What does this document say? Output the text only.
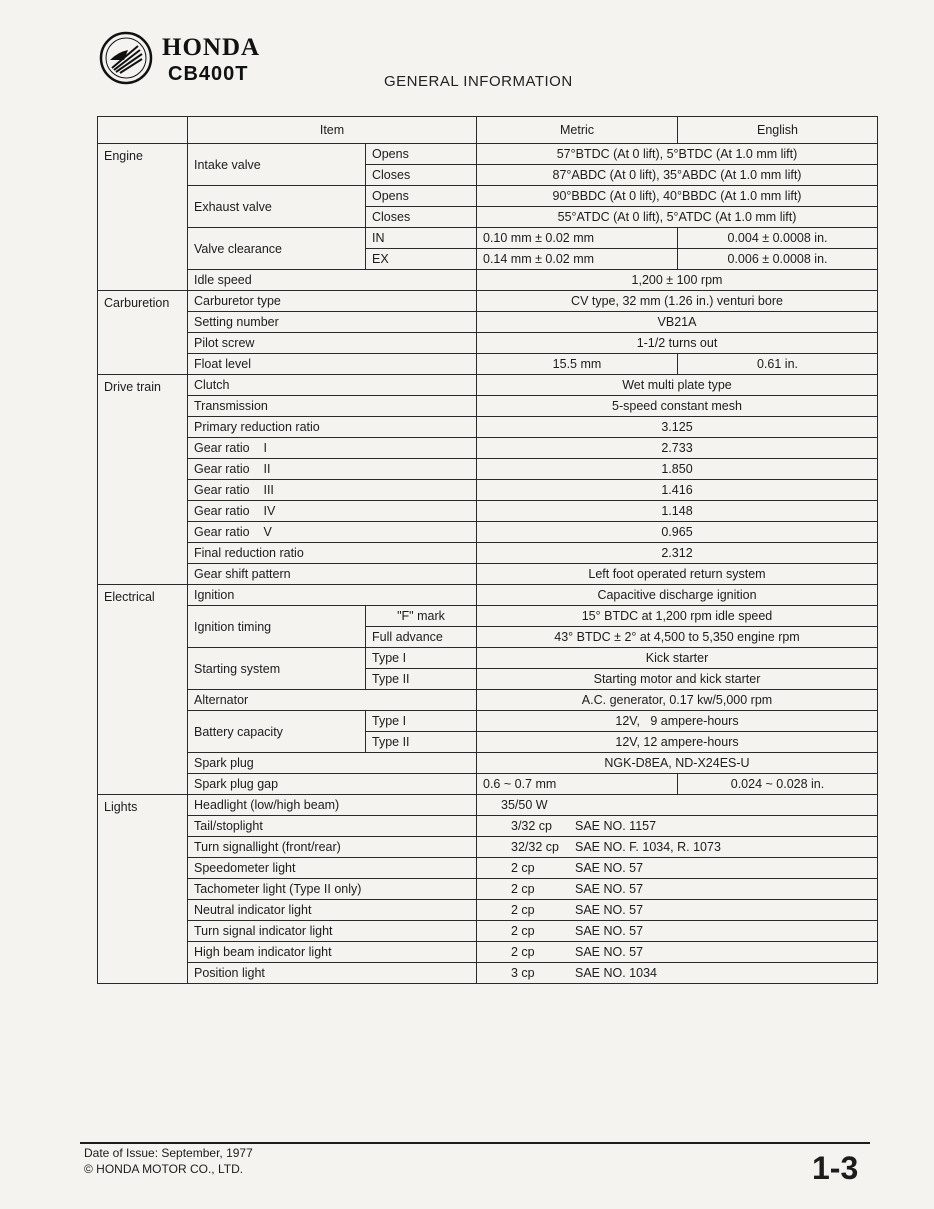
HONDA
CB400T	GENERAL INFORMATION
	Item		Metric	English
Engine	Intake valve	Opens	57°BTDC (At 0 lift), 5°BTDC (At 1.0 mm lift)	
		Closes	87°ABDC (At 0 lift), 35°ABDC (At 1.0 mm lift)	
	Exhaust valve	Opens	90°BBDC (At 0 lift), 40°BBDC (At 1.0 mm lift)	
		Closes	55°ATDC (At 0 lift), 5°ATDC (At 1.0 mm lift)	
	Valve clearance	IN	0.10 mm ± 0.02 mm	0.004 ± 0.0008 in.
		EX	0.14 mm ± 0.02 mm	0.006 ± 0.0008 in.
	Idle speed		1,200 ± 100 rpm	
Carburetion	Carburetor type		CV type, 32 mm (1.26 in.) venturi bore	
	Setting number		VB21A	
	Pilot screw		1-1/2 turns out	
	Float level		15.5 mm	0.61 in.
Drive train	Clutch		Wet multi plate type	
	Transmission		5-speed constant mesh	
	Primary reduction ratio		3.125	
	Gear ratio    I		2.733	
	Gear ratio    II		1.850	
	Gear ratio    III		1.416	
	Gear ratio    IV		1.148	
	Gear ratio    V		0.965	
	Final reduction ratio		2.312	
	Gear shift pattern		Left foot operated return system	
Electrical	Ignition		Capacitive discharge ignition	
	Ignition timing	"F" mark	15° BTDC at 1,200 rpm idle speed	
		Full advance	43° BTDC ± 2° at 4,500 to 5,350 engine rpm	
	Starting system	Type I	Kick starter	
		Type II	Starting motor and kick starter	
	Alternator		A.C. generator, 0.17 kw/5,000 rpm	
	Battery capacity	Type I	12V,   9 ampere-hours	
		Type II	12V, 12 ampere-hours	
	Spark plug		NGK-D8EA, ND-X24ES-U	
	Spark plug gap		0.6 ~ 0.7 mm	0.024 ~ 0.028 in.
Lights	Headlight (low/high beam)		35/50 W	
	Tail/stoplight		3/32 cp SAE NO. 1157	
	Turn signallight (front/rear)		32/32 cp SAE NO. F. 1034, R. 1073	
	Speedometer light		2 cp SAE NO. 57	
	Tachometer light (Type II only)		2 cp SAE NO. 57	
	Neutral indicator light		2 cp SAE NO. 57	
	Turn signal indicator light		2 cp SAE NO. 57	
	High beam indicator light		2 cp SAE NO. 57	
	Position light		3 cp SAE NO. 1034	
Date of Issue: September, 1977
© HONDA MOTOR CO., LTD.	1-3
